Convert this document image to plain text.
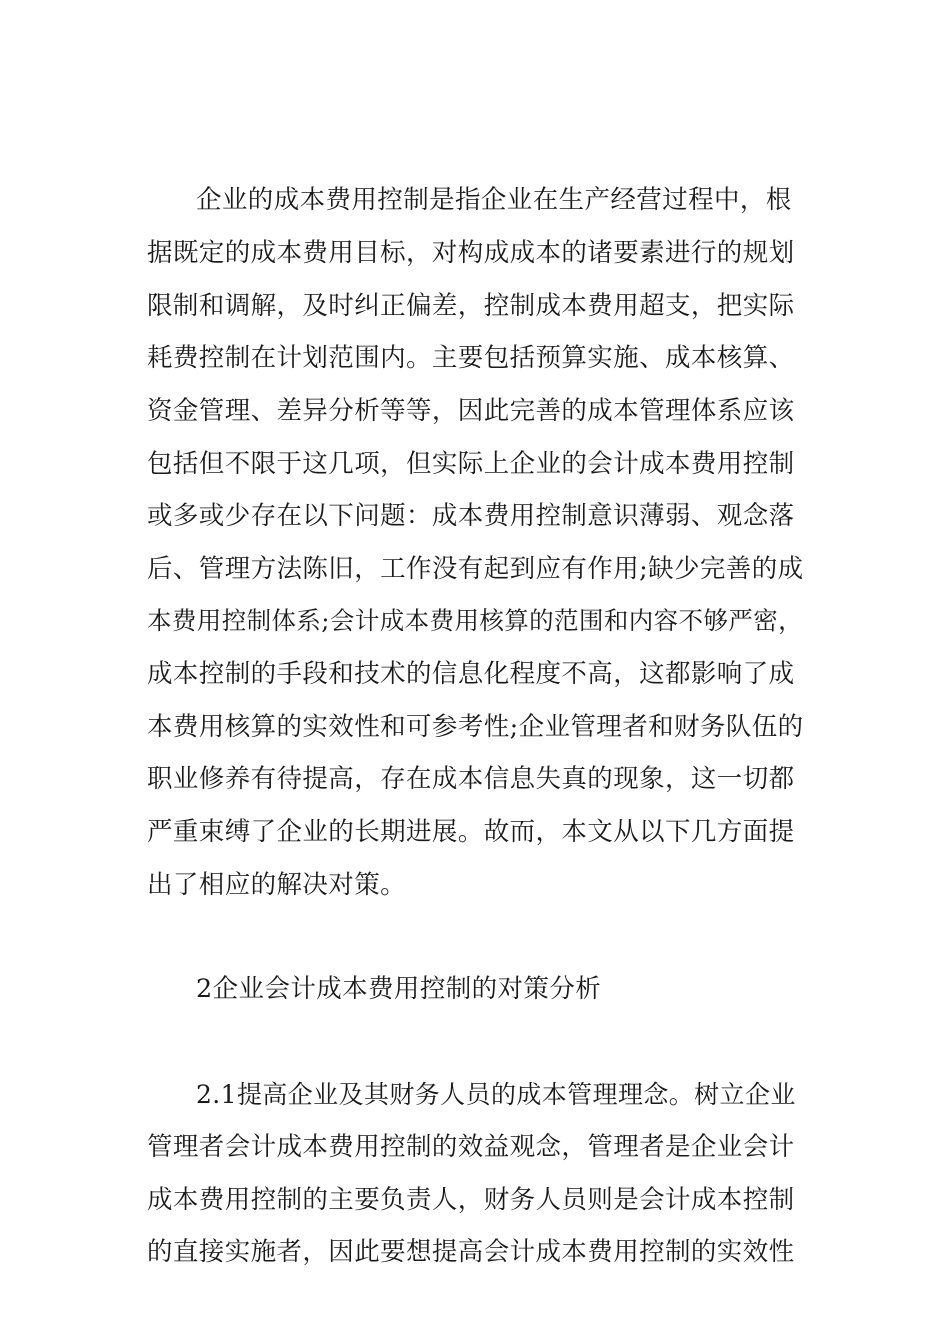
企业的成本费用控制是指企业在生产经营过程中，根
据既定的成本费用目标，对构成成本的诸要素进行的规划
限制和调解，及时纠正偏差，控制成本费用超支，把实际
耗费控制在计划范围内。主要包括预算实施、成本核算、
资金管理、差异分析等等，因此完善的成本管理体系应该
包括但不限于这几项，但实际上企业的会计成本费用控制
或多或少存在以下问题：成本费用控制意识薄弱、观念落
后、管理方法陈旧，工作没有起到应有作用;缺少完善的成
本费用控制体系;会计成本费用核算的范围和内容不够严密，
成本控制的手段和技术的信息化程度不高，这都影响了成
本费用核算的实效性和可参考性;企业管理者和财务队伍的
职业修养有待提高，存在成本信息失真的现象，这一切都
严重束缚了企业的长期进展。故而，本文从以下几方面提
出了相应的解决对策。
2企业会计成本费用控制的对策分析
2.1提高企业及其财务人员的成本管理理念。树立企业
管理者会计成本费用控制的效益观念，管理者是企业会计
成本费用控制的主要负责人，财务人员则是会计成本控制
的直接实施者，因此要想提高会计成本费用控制的实效性
